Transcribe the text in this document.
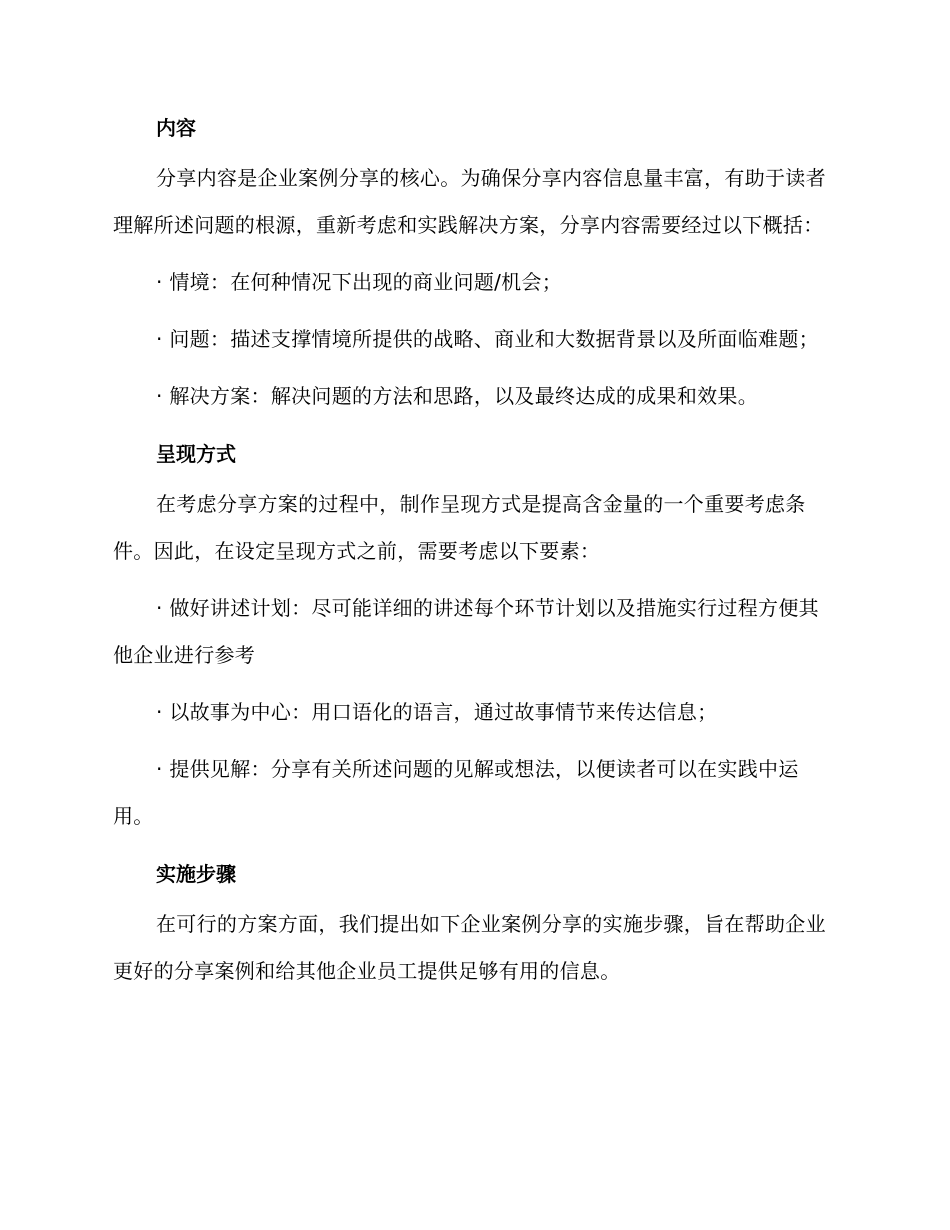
内容

分享内容是企业案例分享的核心。为确保分享内容信息量丰富，有助于读者理解所述问题的根源，重新考虑和实践解决方案，分享内容需要经过以下概括：

· 情境：在何种情况下出现的商业问题/机会；

· 问题：描述支撑情境所提供的战略、商业和大数据背景以及所面临难题；

· 解决方案：解决问题的方法和思路，以及最终达成的成果和效果。

呈现方式

在考虑分享方案的过程中，制作呈现方式是提高含金量的一个重要考虑条件。因此，在设定呈现方式之前，需要考虑以下要素：

· 做好讲述计划：尽可能详细的讲述每个环节计划以及措施实行过程方便其他企业进行参考

· 以故事为中心：用口语化的语言，通过故事情节来传达信息；

· 提供见解：分享有关所述问题的见解或想法，以便读者可以在实践中运用。

实施步骤

在可行的方案方面，我们提出如下企业案例分享的实施步骤，旨在帮助企业更好的分享案例和给其他企业员工提供足够有用的信息。
